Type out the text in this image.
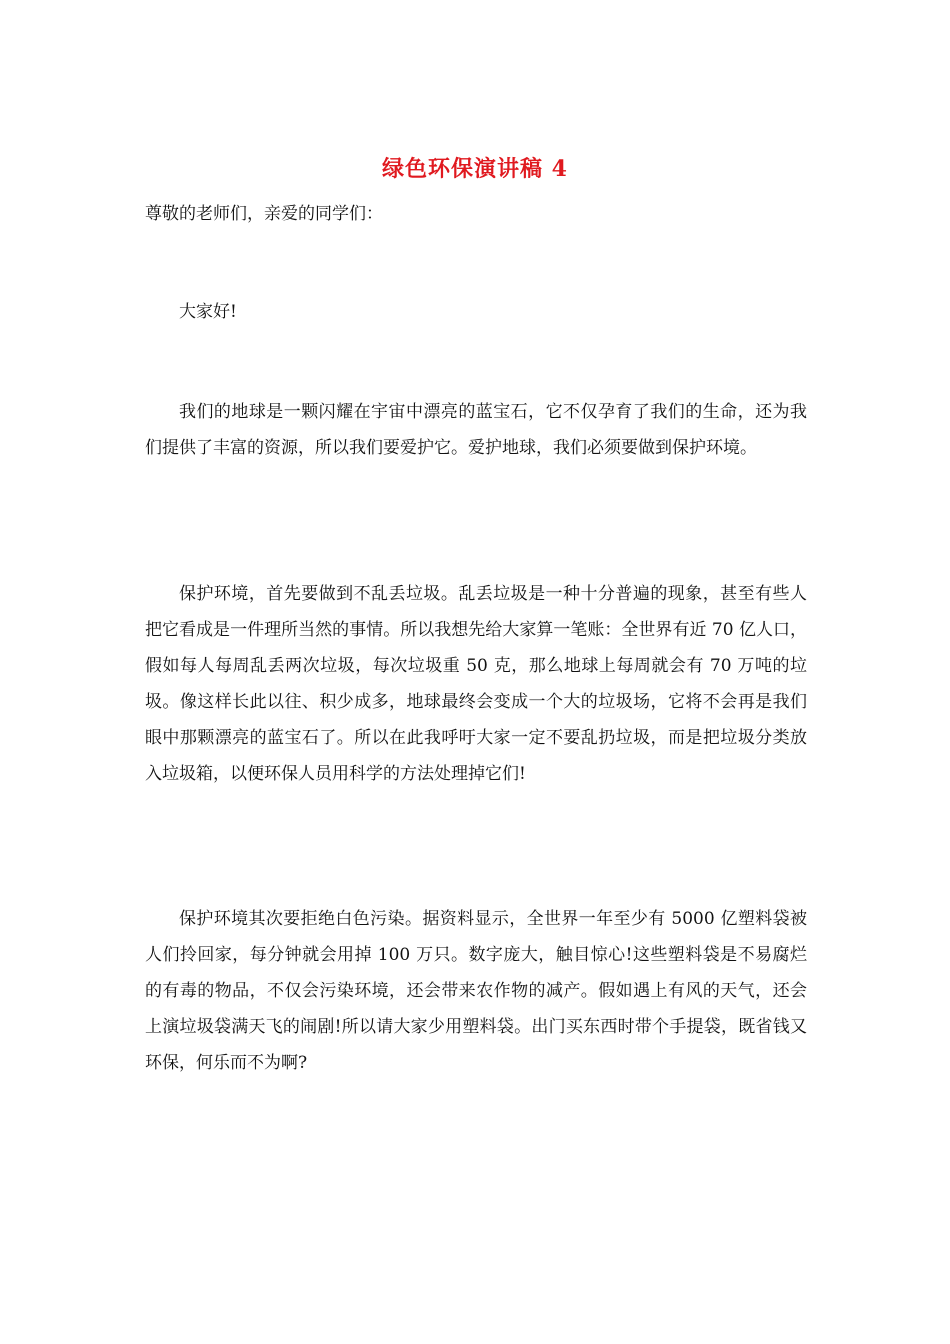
绿色环保演讲稿 4
尊敬的老师们，亲爱的同学们：

大家好!

我们的地球是一颗闪耀在宇宙中漂亮的蓝宝石，它不仅孕育了我们的生命，还为我们提供了丰富的资源，所以我们要爱护它。爱护地球，我们必须要做到保护环境。

保护环境，首先要做到不乱丢垃圾。乱丢垃圾是一种十分普遍的现象，甚至有些人把它看成是一件理所当然的事情。所以我想先给大家算一笔账：全世界有近 70 亿人口，假如每人每周乱丢两次垃圾，每次垃圾重 50 克，那么地球上每周就会有 70 万吨的垃圾。像这样长此以往、积少成多，地球最终会变成一个大的垃圾场，它将不会再是我们眼中那颗漂亮的蓝宝石了。所以在此我呼吁大家一定不要乱扔垃圾，而是把垃圾分类放入垃圾箱，以便环保人员用科学的方法处理掉它们!

保护环境其次要拒绝白色污染。据资料显示，全世界一年至少有 5000 亿塑料袋被人们拎回家，每分钟就会用掉 100 万只。数字庞大，触目惊心!这些塑料袋是不易腐烂的有毒的物品，不仅会污染环境，还会带来农作物的减产。假如遇上有风的天气，还会上演垃圾袋满天飞的闹剧!所以请大家少用塑料袋。出门买东西时带个手提袋，既省钱又环保，何乐而不为啊?
